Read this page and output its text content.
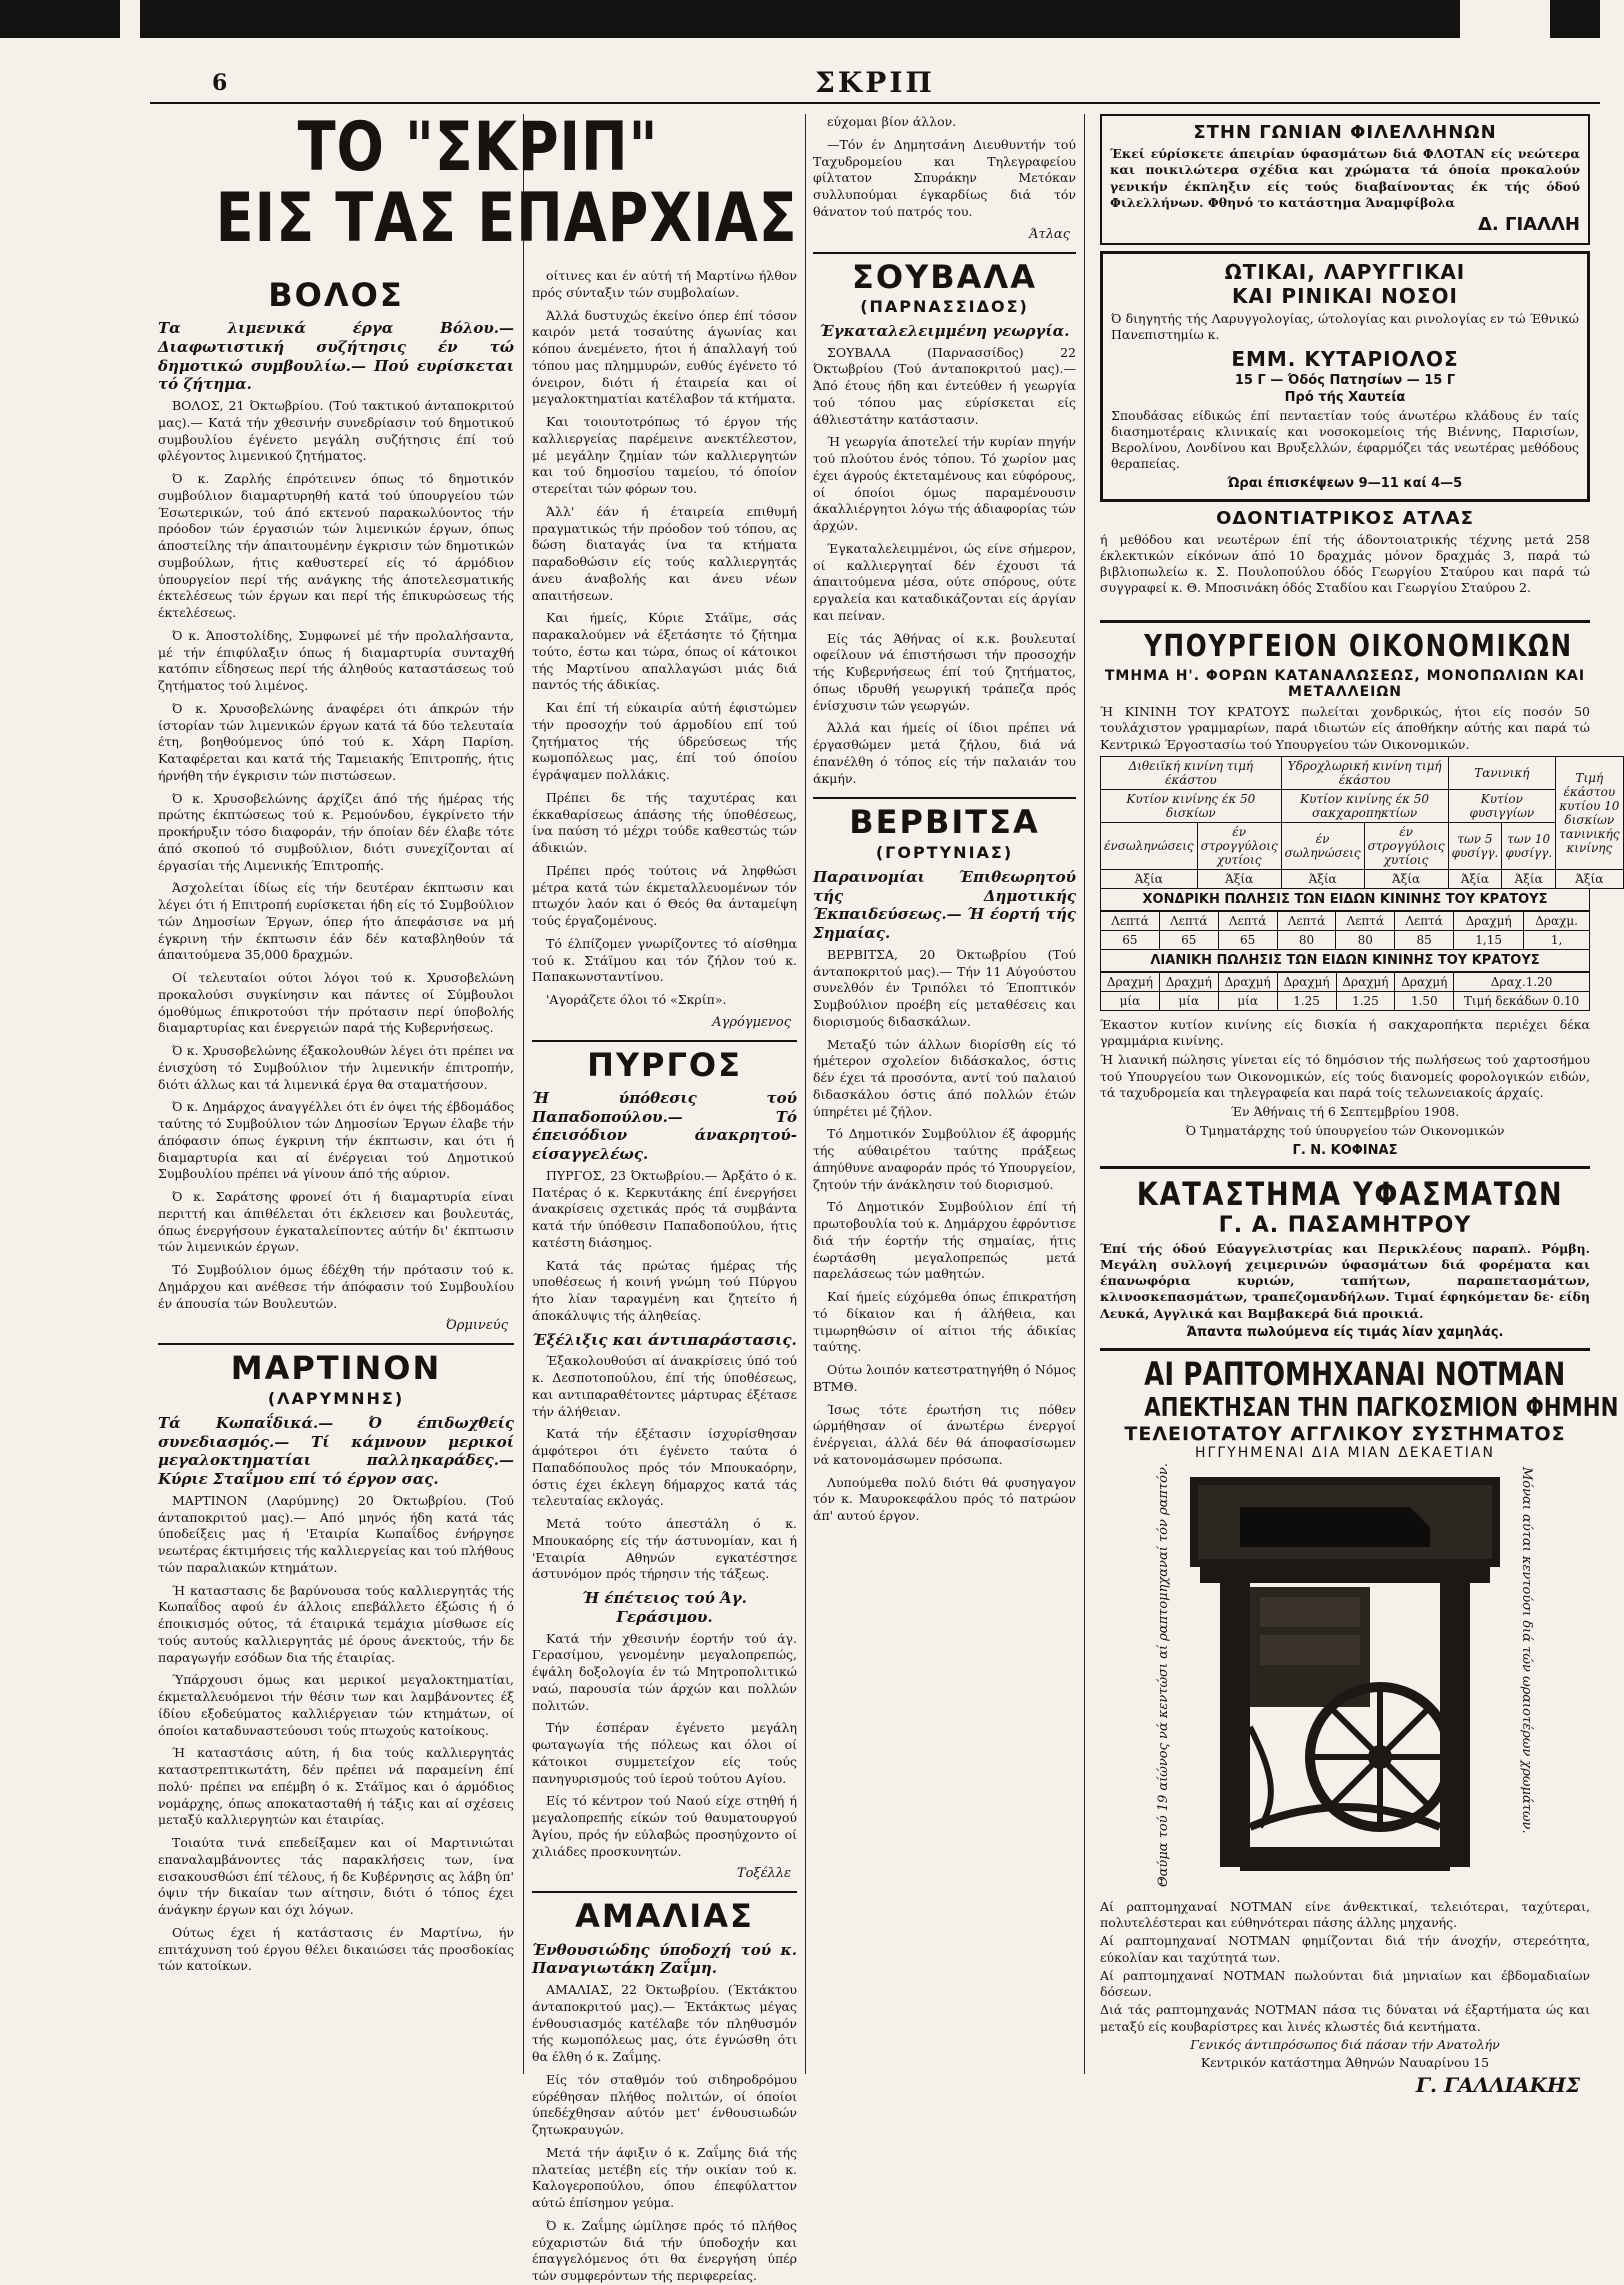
6	ΣΚΡΙΠ
ΤΟ "ΣΚΡΙΠ"
ΕΙΣ ΤΑΣ ΕΠΑΡΧΙΑΣ
ΒΟΛΟΣ
Τα λιμενικά έργα Βόλου.— Διαφωτιστική συζήτησις έν τώ δημοτικώ συμβουλίω.— Πού ευρίσκεται τό ζήτημα.

ΒΟΛΟΣ, 21 Όκτωβρίου. (Τού τακτικού άνταποκριτού μας).— Κατά τήν χθεσινήν συνεδρίασιν τού δημοτικού συμβουλίου έγένετο μεγάλη συζήτησις έπί τού φλέγοντος λιμενικού ζητήματος.

Ό κ. Ζαρλής έπρότεινεν όπως τό δημοτικόν συμβούλιον διαμαρτυρηθή κατά τού ύπουργείου τών Έσωτερικών, τού άπό εκτενού παρακωλύοντος τήν πρόοδον τών έργασιών τών λιμενικών έργων, όπως άποστείλης τήν άπαιτουμένην έγκρισιν τών δημοτικών συμβούλων, ήτις καθυστερεί είς τό άρμόδιον ύπουργείον περί τής ανάγκης τής άποτελεσματικής έκτελέσεως τών έργων και περί τής έπικυρώσεως τής έκτελέσεως.

Ό κ. Άποστολίδης, Συμφωνεί μέ τήν προλαλήσαντα, μέ τήν έπιφύλαξιν όπως ή διαμαρτυρία συνταχθή κατόπιν εΐδησεως περί τής άληθούς καταστάσεως τού ζητήματος τού λιμένος.

Ό κ. Χρυσοβελώνης άναφέρει ότι άπκρών τήν ίστορίαν τών λιμενικών έργων κατά τά δύο τελευταία έτη, βοηθούμενος ύπό τού κ. Χάρη Παρίση. Καταφέρεται και κατά τής Ταμειακής Έπιτροπής, ήτις ήρνήθη τήν έγκρισιν τών πιστώσεων.

Ό κ. Χρυσοβελώνης άρχίζει άπό τής ήμέρας τής πρώτης έκπτώσεως τού κ. Ρεμούνδου, έγκρίνετο τήν προκήρυξιν τόσο διαφοράν, τήν όποίαν δέν έλαβε τότε άπό σκοπού τό συμβούλιον, διότι συνεχίζονται αί έργασίαι τής Λιμενικής Έπιτροπής.

Άσχολείται ίδίως είς τήν δευτέραν έκπτωσιν και λέγει ότι ή Επιτροπή ευρίσκεται ήδη είς τό Συμβούλιον τών Δημοσίων Έργων, όπερ ήτο άπεφάσισε να μή έγκρινη τήν έκπτωσιν έάν δέν καταβληθούν τά άπαιτούμενα 35,000 δραχμών.

Οί τελευταίοι ούτοι λόγοι τού κ. Χρυσοβελώνη προκαλούσι συγκίνησιν και πάντες οί Σύμβουλοι όμοθύμως έπικροτούσι τήν πρότασιν περί ύποβολής διαμαρτυρίας και ένεργειών παρά τής Κυβερνήσεως.

Ό κ. Χρυσοβελώνης έξακολουθών λέγει ότι πρέπει να ένισχύση τό Συμβούλιον τήν λιμενικήν έπιτροπήν, διότι άλλως και τά λιμενικά έργα θα σταματήσουν.

Ό κ. Δημάρχος άναγγέλλει ότι έν όψει τής έβδομάδος ταύτης τό Συμβούλιον τών Δημοσίων Έργων έλαβε τήν άπόφασιν όπως έγκρινη τήν έκπτωσιν, και ότι ή διαμαρτυρία και αί ένέργειαι τού Δημοτικού Συμβουλίου πρέπει νά γίνουν άπό τής αύριον.

Ό κ. Σαράτσης φρονεί ότι ή διαμαρτυρία είναι περιττή και άπιθέλεται ότι έκλεισεν και βουλευτάς, όπως ένεργήσουν έγκαταλείποντες αύτήν δι' έκπτωσιν τών λιμενικών έργων.

Τό Συμβούλιον όμως έδέχθη τήν πρότασιν τού κ. Δημάρχου και ανέθεσε τήν άπόφασιν τού Συμβουλίου έν άπουσία τών Βουλευτών.

Όρμινεύς
ΜΑΡΤΙΝΟΝ
(ΛΑΡΥΜΝΗΣ)
Τά Κωπαΐδικά.— Ό έπιδωχθείς συνεδιασμός.— Τί κάμνουν μερικοί μεγαλοκτηματίαι παλληκαράδες.— Κύριε Σταΐμου επί τό έργον σας.

ΜΑΡΤΙΝΟΝ (Λαρύμνης) 20 Όκτωβρίου. (Τού άνταποκριτού μας).— Από μηνός ήδη κατά τάς ύποδείξεις μας ή 'Εταιρία Κωπαΐδος ένήργησε νεωτέρας έκτιμήσεις τής καλλιεργείας και τού πλήθους τών παραλιακών κτημάτων.

Ή καταστασις δε βαρύνουσα τούς καλλιεργητάς τής Κωπαΐδος αφού έν άλλοις επεβάλλετο έξώσις ή ό έποικισμός ούτος, τά έταιρικά τεμάχια μίσθωσε είς τούς αυτούς καλλιεργητάς μέ όρους άνεκτούς, τήν δε παραγωγήν εσόδων δια τής έταιρίας.

Ύπάρχουσι όμως και μερικοί μεγαλοκτηματίαι, έκμεταλλευόμενοι τήν θέσιν των και λαμβάνοντες έξ ίδίου εξοδεύματος καλλιέργειαν τών κτημάτων, οί όποίοι καταδυναστεύουσι τούς πτωχούς κατοίκους.

Ή καταστάσις αύτη, ή δια τούς καλλιεργητάς καταστρεπτικωτάτη, δέν πρέπει νά παραμείνη έπί πολύ· πρέπει να επέμβη ό κ. Στάϊμος και ό άρμόδιος νομάρχης, όπως αποκατασταθή ή τάξις και αί σχέσεις μεταξύ καλλιεργητών και έταιρίας.

Τοιαύτα τινά επεδείξαμεν και οί Μαρτινιώται επαναλαμβάνοντες τάς παρακλήσεις των, ίνα εισακουσθώσι έπί τέλους, ή δε Κυβέρνησις ας λάβη ύπ' όψιν τήν δικαίαν των αίτησιν, διότι ό τόπος έχει άνάγκην έργων και όχι λόγων.

Ούτως έχει ή κατάστασις έν Μαρτίνω, ήν επιτάχυνση τού έργου θέλει δικαιώσει τάς προσδοκίας τών κατοίκων.

οίτινες και έν αύτή τή Μαρτίνω ήλθον πρός σύνταξιν τών συμβολαίων.

Άλλά δυστυχώς έκείνο όπερ έπί τόσον καιρόν μετά τοσαύτης άγωνίας και κόπου άνεμένετο, ήτοι ή άπαλλαγή τού τόπου μας πλημμυρών, ευθύς έγένετο τό όνειρον, διότι ή έταιρεία και οί μεγαλοκτηματίαι κατέλαβον τά κτήματα.

Και τοιουτοτρόπως τό έργον τής καλλιεργείας παρέμεινε ανεκτέλεστον, μέ μεγάλην ζημίαν τών καλλιεργητών και τού δημοσίου ταμείου, τό όποίον στερείται τών φόρων του.

Άλλ' έάν ή έταιρεία επιθυμή πραγματικώς τήν πρόοδον τού τόπου, ας δώση διαταγάς ίνα τα κτήματα παραδοθώσιν είς τούς καλλιεργητάς άνευ άναβολής και άνευ νέων απαιτήσεων.

Και ήμείς, Κύριε Στάϊμε, σάς παρακαλούμεν νά έξετάσητε τό ζήτημα τούτο, έστω και τώρα, όπως οί κάτοικοι τής Μαρτίνου απαλλαγώσι μιάς διά παντός τής άδικίας.

Και έπί τή εύκαιρία αύτή έφιστώμεν τήν προσοχήν τού άρμοδίου επί τού ζητήματος τής ύδρεύσεως τής κωμοπόλεως μας, έπί τού όποίου έγράψαμεν πολλάκις.

Πρέπει δε τής ταχυτέρας και έκκαθαρίσεως άπάσης τής ύποθέσεως, ίνα παύση τό μέχρι τούδε καθεστώς τών άδικιών.

Πρέπει πρός τούτοις νά ληφθώσι μέτρα κατά τών έκμεταλλευομένων τόν πτωχόν λαόν και ό Θεός θα άνταμείψη τούς έργαζομένους.

Τό έλπίζομεν γνωρίζοντες τό αίσθημα τού κ. Στάϊμου και τόν ζήλον τού κ. Παπακωνσταντίνου.

'Αγοράζετε όλοι τό «Σκρίπ».

Αγρόγμενος
ΠΥΡΓΟΣ
Ή ύπόθεσις τού Παπαδοπούλου.— Τό έπεισόδιον άνακρητού-είσαγγελέως.

ΠΥΡΓΟΣ, 23 Όκτωβρίου.— Άρξάτο ό κ. Πατέρας ό κ. Κερκυτάκης έπί ένεργήσει άνακρίσεις σχετικάς πρός τά συμβάντα κατά τήν ύπόθεσιν Παπαδοπούλου, ήτις κατέστη διάσημος.

Κατά τάς πρώτας ήμέρας τής υποθέσεως ή κοινή γνώμη τού Πύργου ήτο λίαν ταραγμένη και ζητείτο ή άποκάλυψις τής άληθείας.

Έξέλιξις και άντιπαράστασις.

Έξακολουθούσι αί άνακρίσεις ύπό τού κ. Δεσποτοπούλου, έπί τής ύποθέσεως, και αντιπαραθέτοντες μάρτυρας έξέτασε τήν άλήθειαν.

Κατά τήν έξέτασιν ίσχυρίσθησαν άμφότεροι ότι έγένετο ταύτα ό Παπαδόπουλος πρός τόν Μπουκαόρην, όστις έχει έκλεγη δήμαρχος κατά τάς τελευταίας εκλογάς.

Μετά τούτο άπεστάλη ό κ. Μπουκαόρης είς τήν άστυνομίαν, και ή 'Εταιρία Αθηνών εγκατέστησε άστυνόμον πρός τήρησιν τής τάξεως.

Ή έπέτειος τού Άγ. Γεράσιμου.

Κατά τήν χθεσινήν έορτήν τού άγ. Γερασίμου, γενομένην μεγαλοπρεπώς, έψάλη δοξολογία έν τώ Μητροπολιτικώ ναώ, παρουσία τών άρχών και πολλών πολιτών.

Τήν έσπέραν έγένετο μεγάλη φωταγωγία τής πόλεως και όλοι οί κάτοικοι συμμετείχον είς τούς πανηγυρισμούς τού ίερού τούτου Αγίου.

Είς τό κέντρον τού Ναού είχε στηθή ή μεγαλοπρεπής είκών τού θαυματουργού Άγίου, πρός ήν εύλαβώς προσηύχοντο οί χιλιάδες προσκυνητών.

Τοξέλλε
ΑΜΑΛΙΑΣ
Ένθουσιώδης ύποδοχή τού κ. Παναγιωτάκη Ζαΐμη.

ΑΜΑΛΙΑΣ, 22 Όκτωβρίου. (Έκτάκτου άνταποκριτού μας).— Έκτάκτως μέγας ένθουσιασμός κατέλαβε τόν πληθυσμόν τής κωμοπόλεως μας, ότε έγνώσθη ότι θα έλθη ό κ. Ζαΐμης.

Είς τόν σταθμόν τού σιδηροδρόμου εύρέθησαν πλήθος πολιτών, οί όποίοι ύπεδέχθησαν αύτόν μετ' ένθουσιωδών ζητωκραυγών.

Μετά τήν άφιξιν ό κ. Ζαΐμης διά τής πλατείας μετέβη είς τήν οικίαν τού κ. Καλογεροπούλου, όπου έπεφύλαττον αύτώ έπίσημον γεύμα.

Ό κ. Ζαΐμης ώμίλησε πρός τό πλήθος εύχαριστών διά τήν ύποδοχήν και έπαγγελόμενος ότι θα ένεργήση ύπέρ τών συμφερόντων τής περιφερείας.

εύχομαι βίον άλλον.

—Τόν έν Δημητσάνη Διευθυντήν τού Ταχυδρομείου και Τηλεγραφείου φίλτατον Σπυράκην Μετόκαν συλλυπούμαι έγκαρδίως διά τόν θάνατον τού πατρός του.

Άτλας
ΣΟΥΒΑΛΑ
(ΠΑΡΝΑΣΣΙΔΟΣ)
Έγκαταλελειμμένη γεωργία.

ΣΟΥΒΑΛΑ (Παρνασσίδος) 22 Όκτωβρίου (Τού άνταποκριτού μας).— Άπό έτους ήδη και έντεύθεν ή γεωργία τού τόπου μας εύρίσκεται είς άθλιεστάτην κατάστασιν.

Ή γεωργία άποτελεί τήν κυρίαν πηγήν τού πλούτου ένός τόπου. Τό χωρίον μας έχει άγρούς έκτεταμένους και εύφόρους, οί όποίοι όμως παραμένουσιν άκαλλιέργητοι λόγω τής άδιαφορίας τών άρχών.

Έγκαταλελειμμένοι, ώς είνε σήμερον, οί καλλιεργηταί δέν έχουσι τά άπαιτούμενα μέσα, ούτε σπόρους, ούτε εργαλεία και καταδικάζονται είς άργίαν και πείναν.

Είς τάς Άθήνας οί κ.κ. βουλευταί οφείλουν νά έπιστήσωσι τήν προσοχήν τής Κυβερνήσεως έπί τού ζητήματος, όπως ιδρυθή γεωργική τράπεζα πρός ένίσχυσιν τών γεωργών.

Άλλά και ήμείς οί ίδιοι πρέπει νά έργασθώμεν μετά ζήλου, διά νά έπανέλθη ό τόπος είς τήν παλαιάν του άκμήν.

ΒΕΡΒΙΤΣΑ
(ΓΟΡΤΥΝΙΑΣ)
Παραινομίαι Έπιθεωρητού τής Δημοτικής Έκπαιδεύσεως.— Ή έορτή τής Σημαίας.

ΒΕΡΒΙΤΣΑ, 20 Όκτωβρίου (Τού άνταποκριτού μας).— Τήν 11 Αύγούστου συνελθόν έν Τριπόλει τό Έποπτικόν Συμβούλιον προέβη είς μεταθέσεις και διορισμούς διδασκάλων.

Μεταξύ τών άλλων διορίσθη είς τό ήμέτερον σχολείον διδάσκαλος, όστις δέν έχει τά προσόντα, αντί τού παλαιού διδασκάλου όστις άπό πολλών έτών ύπηρέτει μέ ζήλον.

Τό Δημοτικόν Συμβούλιον έξ άφορμής τής αύθαιρέτου ταύτης πράξεως άπηύθυνε αναφοράν πρός τό Υπουργείον, ζητούν τήν άνάκλησιν τού διορισμού.

Τό Δημοτικόν Συμβούλιον έπί τή πρωτοβουλία τού κ. Δημάρχου έφρόντισε διά τήν έορτήν τής σημαίας, ήτις έωρτάσθη μεγαλοπρεπώς μετά παρελάσεως τών μαθητών.

Καί ήμείς εύχόμεθα όπως έπικρατήση τό δίκαιον και ή άλήθεια, και τιμωρηθώσιν οί αίτιοι τής άδικίας ταύτης.

Ούτω λοιπόν κατεστρατηγήθη ό Νόμος ΒΤΜΘ.

Ίσως τότε έρωτήση τις πόθεν ώρμήθησαν οί άνωτέρω ένεργοί ένέργειαι, άλλά δέν θά άποφασίσωμεν νά κατονομάσωμεν πρόσωπα.

Λυπούμεθα πολύ διότι θά φυσηγαγον τόν κ. Μαυροκεφάλου πρός τό πατρώον άπ' αυτού έργον.

ΣΤΗΝ ΓΩΝΙΑΝ ΦΙΛΕΛΛΗΝΩΝ
Έκεί εύρίσκετε άπειρίαν ύφασμάτων διά ΦΛΟΤΑΝ είς νεώτερα και ποικιλώτερα σχέδια και χρώματα τά όποία προκαλούν γενικήν έκπληξιν είς τούς διαβαίνοντας έκ τής όδού Φιλελλήνων. Φθηνό το κατάστημα Άναμφίβολα
Δ. ΓΙΑΛΛΗ
ΩΤΙΚΑΙ, ΛΑΡΥΓΓΙΚΑΙ
ΚΑΙ ΡΙΝΙΚΑΙ ΝΟΣΟΙ
Ό διηγητής τής Λαρυγγολογίας, ώτολογίας και ρινολογίας εν τώ Έθνικώ Πανεπιστημίω κ.
ΕΜΜ. ΚΥΤΑΡΙΟΛΟΣ
15 Γ — Όδός Πατησίων — 15 Γ
Πρό τής Χαυτεία
Σπουδάσας είδικώς έπί πενταετίαν τούς άνωτέρω κλάδους έν ταίς διασημοτέραις κλινικαίς και νοσοκομείοις τής Βιέννης, Παρισίων, Βερολίνου, Λονδίνου και Βρυξελλών, έφαρμόζει τάς νεωτέρας μεθόδους θεραπείας.
Ώραι έπισκέψεων 9—11 καί 4—5
ΟΔΟΝΤΙΑΤΡΙΚΟΣ ΑΤΛΑΣ
ή μεθόδου και νεωτέρων έπί τής άδοντοιατρικής τέχνης μετά 258 έκλεκτικών είκόνων άπό 10 δραχμάς μόνον δραχμάς 3, παρά τώ βιβλιοπωλείω κ. Σ. Πουλοπούλου όδός Γεωργίου Σταύρου και παρά τώ συγγραφεί κ. Θ. Μποσινάκη όδός Σταδίου και Γεωργίου Σταύρου 2.
ΥΠΟΥΡΓΕΙΟΝ ΟΙΚΟΝΟΜΙΚΩΝ
ΤΜΗΜΑ Η'. ΦΟΡΩΝ ΚΑΤΑΝΑΛΩΣΕΩΣ, ΜΟΝΟΠΩΛΙΩΝ ΚΑΙ ΜΕΤΑΛΛΕΙΩΝ
Ή ΚΙΝΙΝΗ ΤΟΥ ΚΡΑΤΟΥΣ πωλείται χονδρικώς, ήτοι είς ποσόν 50 τουλάχιστον γραμμαρίων, παρά ιδιωτών είς άποθήκην αύτής και παρά τώ Κεντρικώ Έργοστασίω τού Υπουργείου τών Οικονομικών.
Διθειϊκή κινίνη τιμή έκάστου		Υδροχλωρική κινίνη τιμή έκάστου		Τανινική		Τιμή έκάστου κυτίου 10 δισκίων τανινικής κινίνης
Κυτίον κινίνης έκ 50 δισκίων		Κυτίον κινίνης έκ 50 σακχαροπηκτίων		Κυτίον φυσιγγίων		
ένσωληνώσεις	έν στρογγύλοις χυτίοις	έν σωληνώσεις	έν στρογγύλοις χυτίοις	των 5 φυσίγγ.	των 10 φυσίγγ.	
Άξία	Άξία	Άξία	Άξία	Άξία	Άξία	Άξία
ΧΟΝΔΡΙΚΗ ΠΩΛΗΣΙΣ ΤΩΝ ΕΙΔΩΝ ΚΙΝΙΝΗΣ ΤΟΥ ΚΡΑΤΟΥΣ
Λεπτά	Λεπτά	Λεπτά	Λεπτά	Λεπτά	Λεπτά	Δραχμή	Δραχμ.
65	65	65	80	80	85	1,15	1,
ΛΙΑΝΙΚΗ ΠΩΛΗΣΙΣ ΤΩΝ ΕΙΔΩΝ ΚΙΝΙΝΗΣ ΤΟΥ ΚΡΑΤΟΥΣ
Δραχμή	Δραχμή	Δραχμή	Δραχμή	Δραχμή	Δραχμή	Δραχ.1.20
μία	μία	μία	1.25	1.25	1.50	Τιμή δεκάδων 0.10
Έκαστον κυτίον κινίνης είς δισκία ή σακχαροπήκτα περιέχει δέκα γραμμάρια κινίνης.
Ή λιανική πώλησις γίνεται είς τό δημόσιον τής πωλήσεως τού χαρτοσήμου τού Υπουργείου των Οικονομικών, είς τούς διανομείς φορολογικών ειδών, τά ταχυδρομεία και τηλεγραφεία και παρά τοίς τελωνειακοίς άρχαίς.
Έν Άθήναις τή 6 Σεπτεμβρίου 1908.
Ό Τμηματάρχης τού ύπουργείου τών Οικονομικών
Γ. Ν. ΚΟΦΙΝΑΣ
ΚΑΤΑΣΤΗΜΑ ΥΦΑΣΜΑΤΩΝ
Γ. Α. ΠΑΣΑΜΗΤΡΟΥ
Έπί τής όδού Εύαγγελιστρίας και Περικλέους παραπλ. Ρόμβη. Μεγάλη συλλογή χειμερινών ύφασμάτων διά φορέματα και έπανωφόρια κυριών, ταπήτων, παραπετασμάτων, κλινοσκεπασμάτων, τραπεζομανδήλων. Τιμαί έφηκόμεταν δε· είδη Λευκά, Αγγλικά και Βαμβακερά διά προικιά.
Άπαντα πωλούμενα είς τιμάς λίαν χαμηλάς.
ΑΙ ΡΑΠΤΟΜΗΧΑΝΑΙ NOTMAN
ΑΠΕΚΤΗΣΑΝ ΤΗΝ ΠΑΓΚΟΣΜΙΟΝ ΦΗΜΗΝ
ΤΕΛΕΙΟΤΑΤΟΥ ΑΓΓΛΙΚΟΥ ΣΥΣΤΗΜΑΤΟΣ
ΗΓΓΥΗΜΕΝΑΙ ΔΙΑ ΜΙΑΝ ΔΕΚΑΕΤΙΑΝ
Θαύμα τού 19 αίώνος νά κεντώσι αί ραπτομηχαναί τόν ραπτόν.	Μόναι αύται κεντούσι διά τών ωραιοτέρων χρωμάτων.

Αί ραπτομηχαναί NOTMAN είνε άνθεκτικαί, τελειότεραι, ταχύτεραι, πολυτελέστεραι και εύθηνότεραι πάσης άλλης μηχανής.

Αί ραπτομηχαναί NOTMAN φημίζονται διά τήν άνοχήν, στερεότητα, εύκολίαν και ταχύτητά των.

Αί ραπτομηχαναί NOTMAN πωλούνται διά μηνιαίων και έβδομαδιαίων δόσεων.

Διά τάς ραπτομηχανάς NOTMAN πάσα τις δύναται νά έξαρτήματα ώς και μεταξύ είς κουβαρίστρες και λινές κλωστές διά κεντήματα.

Γενικός άντιπρόσωπος διά πάσαν τήν Ανατολήν

Κεντρικόν κατάστημα Άθηνών Ναυαρίνου 15

Γ. ΓΑΛΛΙΑΚΗΣ
